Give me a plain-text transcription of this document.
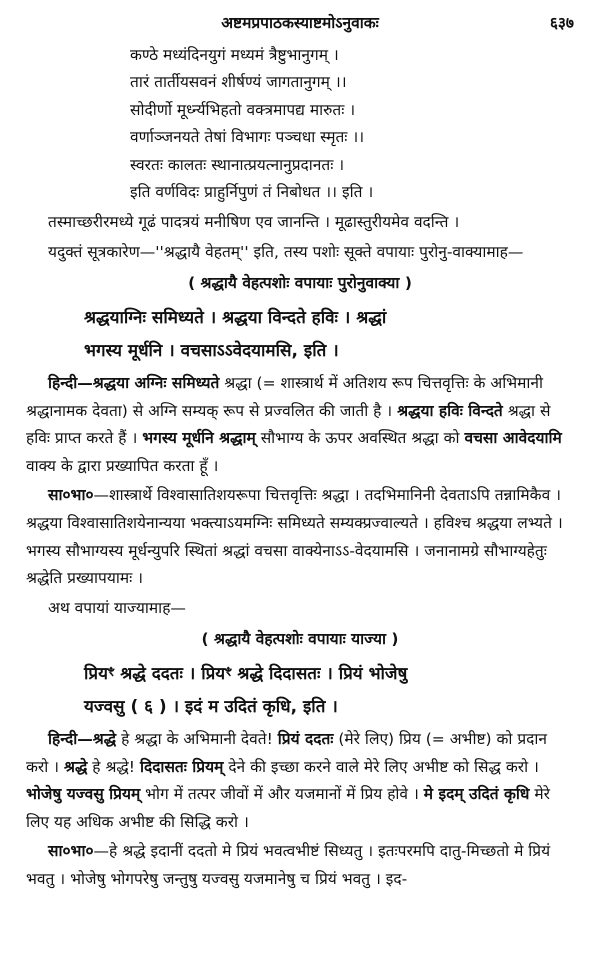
अष्टमप्रपाठकस्याष्टमोऽनुवाकः	६३७

कण्ठे मध्यंदिनयुगं मध्यमं त्रैष्टुभानुगम् ।

तारं तार्तीयसवनं शीर्षण्यं जागतानुगम् ।।

सोदीर्णो मूर्ध्न्यभिहतो वक्त्रमापद्य मारुतः ।

वर्णाञ्जनयते तेषां विभागः पञ्चधा स्मृतः ।।

स्वरतः कालतः स्थानात्प्रयत्नानुप्रदानतः ।

इति वर्णविदः प्राहुर्निपुणं तं निबोधत ।। इति ।

तस्माच्छरीरमध्ये गूढं पादत्रयं मनीषिण एव जानन्ति । मूढास्तुरीयमेव वदन्ति ।

यदुक्तं सूत्रकारेण—''श्रद्धायै वेहतम्'' इति, तस्य पशोः सूक्ते वपायाः पुरोनु-वाक्यामाह—

( श्रद्धायै वेहत्पशोः वपायाः पुरोनुवाक्या )

श्रद्धयाग्निः समिध्यते । श्रद्धया विन्दते हविः । श्रद्धां

भगस्य मूर्धनि । वचसाऽऽवेदयामसि, इति ।

हिन्दी—श्रद्धया अग्निः समिध्यते श्रद्धा (= शास्त्रार्थ में अतिशय रूप चित्तवृत्तिः के अभिमानी श्रद्धानामक देवता) से अग्नि सम्यक् रूप से प्रज्वलित की जाती है । श्रद्धया हविः विन्दते श्रद्धा से हविः प्राप्त करते हैं । भगस्य मूर्धनि श्रद्धाम् सौभाग्य के ऊपर अवस्थित श्रद्धा को वचसा आवेदयामि वाक्य के द्वारा प्रख्यापित करता हूँ ।

सा०भा०—शास्त्रार्थे विश्वासातिशयरूपा चित्तवृत्तिः श्रद्धा । तदभिमानिनी देवताऽपि तन्नामिकैव । श्रद्धया विश्वासातिशयेनान्यया भक्त्याऽयमग्निः समिध्यते सम्यक्प्रज्वाल्यते । हविश्च श्रद्धया लभ्यते । भगस्य सौभाग्यस्य मूर्धन्युपरि स्थितां श्रद्धां वचसा वाक्येनाऽऽ-वेदयामसि । जनानामग्रे सौभाग्यहेतुः श्रद्धेति प्रख्यापयामः ।

अथ वपायां याज्यामाह—

( श्रद्धायै वेहत्पशोः वपायाः याज्या )

प्रियꣳ श्रद्धे ददतः । प्रियꣳ श्रद्धे दिदासतः । प्रियं भोजेषु

यज्वसु ( ६ ) । इदं म उदितं कृधि, इति ।

हिन्दी—श्रद्धे हे श्रद्धा के अभिमानी देवते! प्रियं ददतः (मेरे लिए) प्रिय (= अभीष्ट) को प्रदान करो । श्रद्धे हे श्रद्धे! दिदासतः प्रियम् देने की इच्छा करने वाले मेरे लिए अभीष्ट को सिद्ध करो । भोजेषु यज्वसु प्रियम् भोग में तत्पर जीवों में और यजमानों में प्रिय होवे । मे इदम् उदितं कृधि मेरे लिए यह अधिक अभीष्ट की सिद्धि करो ।

सा०भा०—हे श्रद्धे इदानीं ददतो मे प्रियं भवत्वभीष्टं सिध्यतु । इतःपरमपि दातु-मिच्छतो मे प्रियं भवतु । भोजेषु भोगपरेषु जन्तुषु यज्वसु यजमानेषु च प्रियं भवतु । इद-
